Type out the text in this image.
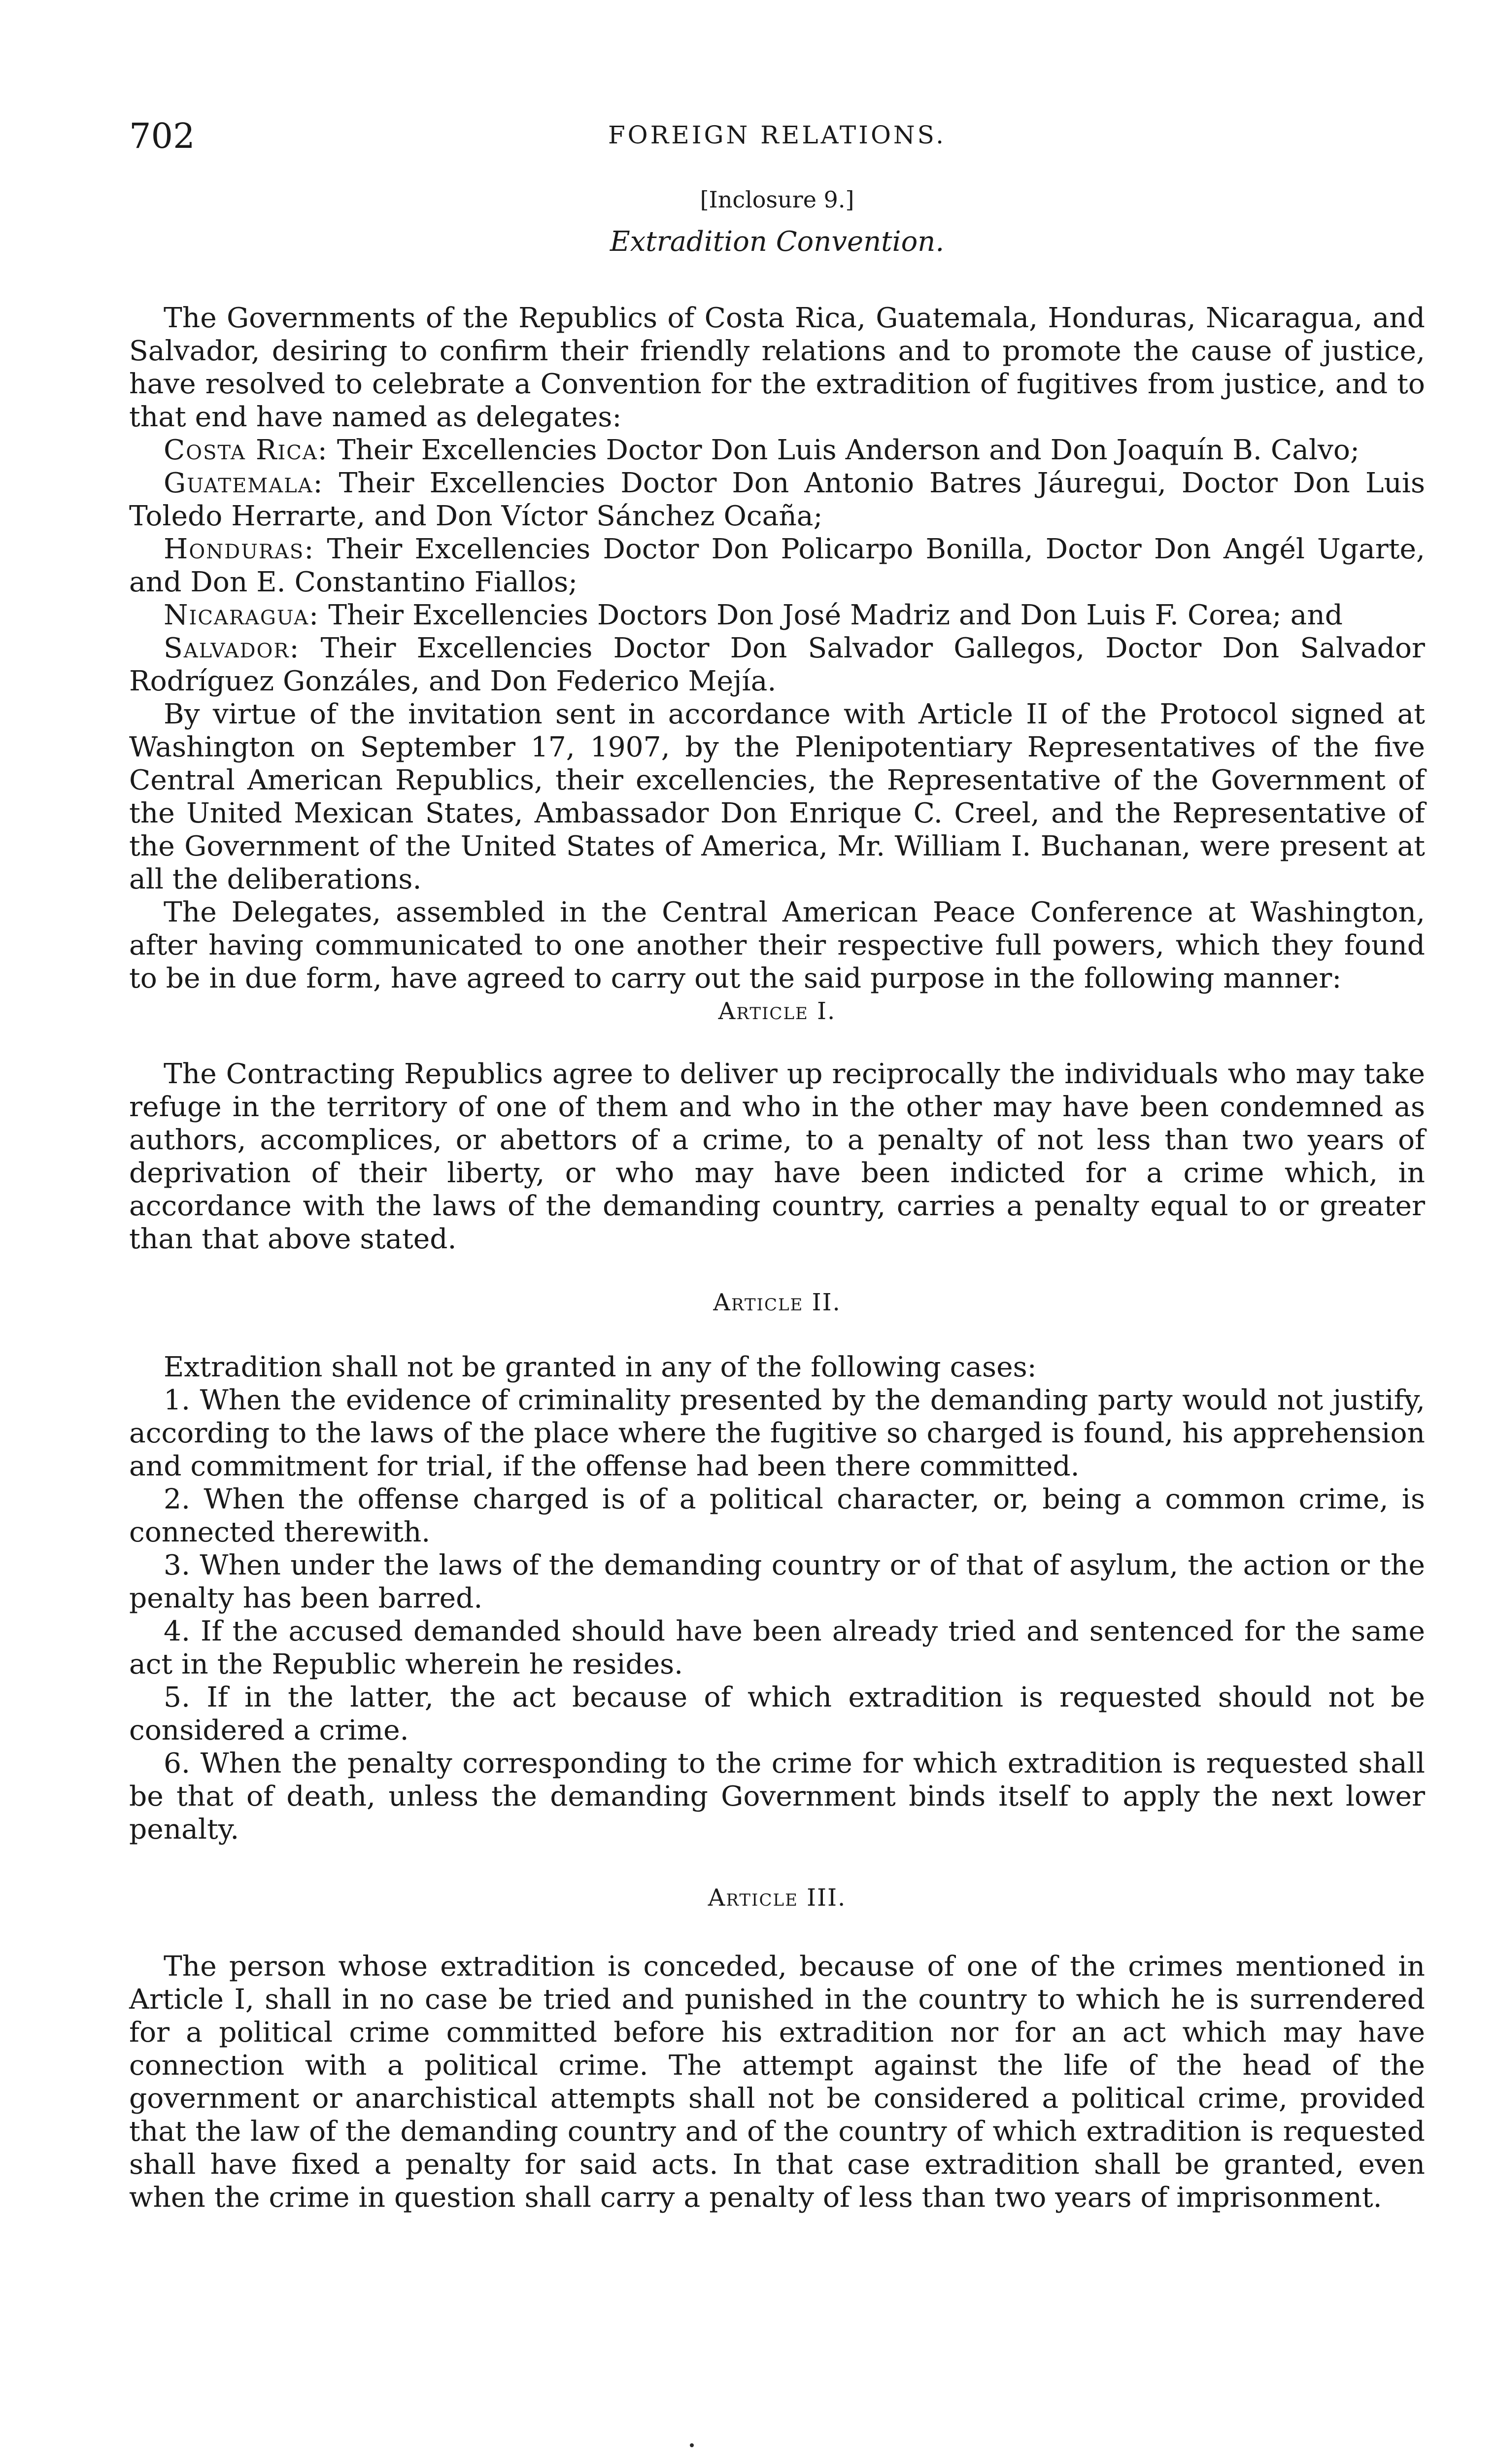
702	FOREIGN RELATIONS.
[Inclosure 9.]
Extradition Convention.

The Governments of the Republics of Costa Rica, Guatemala, Honduras, Nicaragua, and Salvador, desiring to confirm their friendly relations and to promote the cause of justice, have resolved to celebrate a Convention for the extradition of fugitives from justice, and to that end have named as delegates:

Costa Rica: Their Excellencies Doctor Don Luis Anderson and Don Joaquín B. Calvo;

Guatemala: Their Excellencies Doctor Don Antonio Batres Jáuregui, Doctor Don Luis Toledo Herrarte, and Don Víctor Sánchez Ocaña;

Honduras: Their Excellencies Doctor Don Policarpo Bonilla, Doctor Don Angél Ugarte, and Don E. Constantino Fiallos;

Nicaragua: Their Excellencies Doctors Don José Madriz and Don Luis F. Corea; and

Salvador: Their Excellencies Doctor Don Salvador Gallegos, Doctor Don Salvador Rodríguez Gonzáles, and Don Federico Mejía.

By virtue of the invitation sent in accordance with Article II of the Protocol signed at Washington on September 17, 1907, by the Plenipotentiary Representatives of the five Central American Republics, their excellencies, the Representative of the Government of the United Mexican States, Ambassador Don Enrique C. Creel, and the Representative of the Government of the United States of America, Mr. William I. Buchanan, were present at all the deliberations.

The Delegates, assembled in the Central American Peace Conference at Washington, after having communicated to one another their respective full powers, which they found to be in due form, have agreed to carry out the said purpose in the following manner:

Article I.

The Contracting Republics agree to deliver up reciprocally the individuals who may take refuge in the territory of one of them and who in the other may have been condemned as authors, accomplices, or abettors of a crime, to a penalty of not less than two years of deprivation of their liberty, or who may have been indicted for a crime which, in accordance with the laws of the demanding country, carries a penalty equal to or greater than that above stated.

Article II.

Extradition shall not be granted in any of the following cases:

1. When the evidence of criminality presented by the demanding party would not justify, according to the laws of the place where the fugitive so charged is found, his apprehension and commitment for trial, if the offense had been there committed.

2. When the offense charged is of a political character, or, being a common crime, is connected therewith.

3. When under the laws of the demanding country or of that of asylum, the action or the penalty has been barred.

4. If the accused demanded should have been already tried and sentenced for the same act in the Republic wherein he resides.

5. If in the latter, the act because of which extradition is requested should not be considered a crime.

6. When the penalty corresponding to the crime for which extradition is requested shall be that of death, unless the demanding Government binds itself to apply the next lower penalty.

Article III.

The person whose extradition is conceded, because of one of the crimes mentioned in Article I, shall in no case be tried and punished in the country to which he is surrendered for a political crime committed before his extradition nor for an act which may have connection with a political crime. The attempt against the life of the head of the government or anarchistical attempts shall not be considered a political crime, provided that the law of the demanding country and of the country of which extradition is requested shall have fixed a penalty for said acts. In that case extradition shall be granted, even when the crime in question shall carry a penalty of less than two years of imprisonment.
